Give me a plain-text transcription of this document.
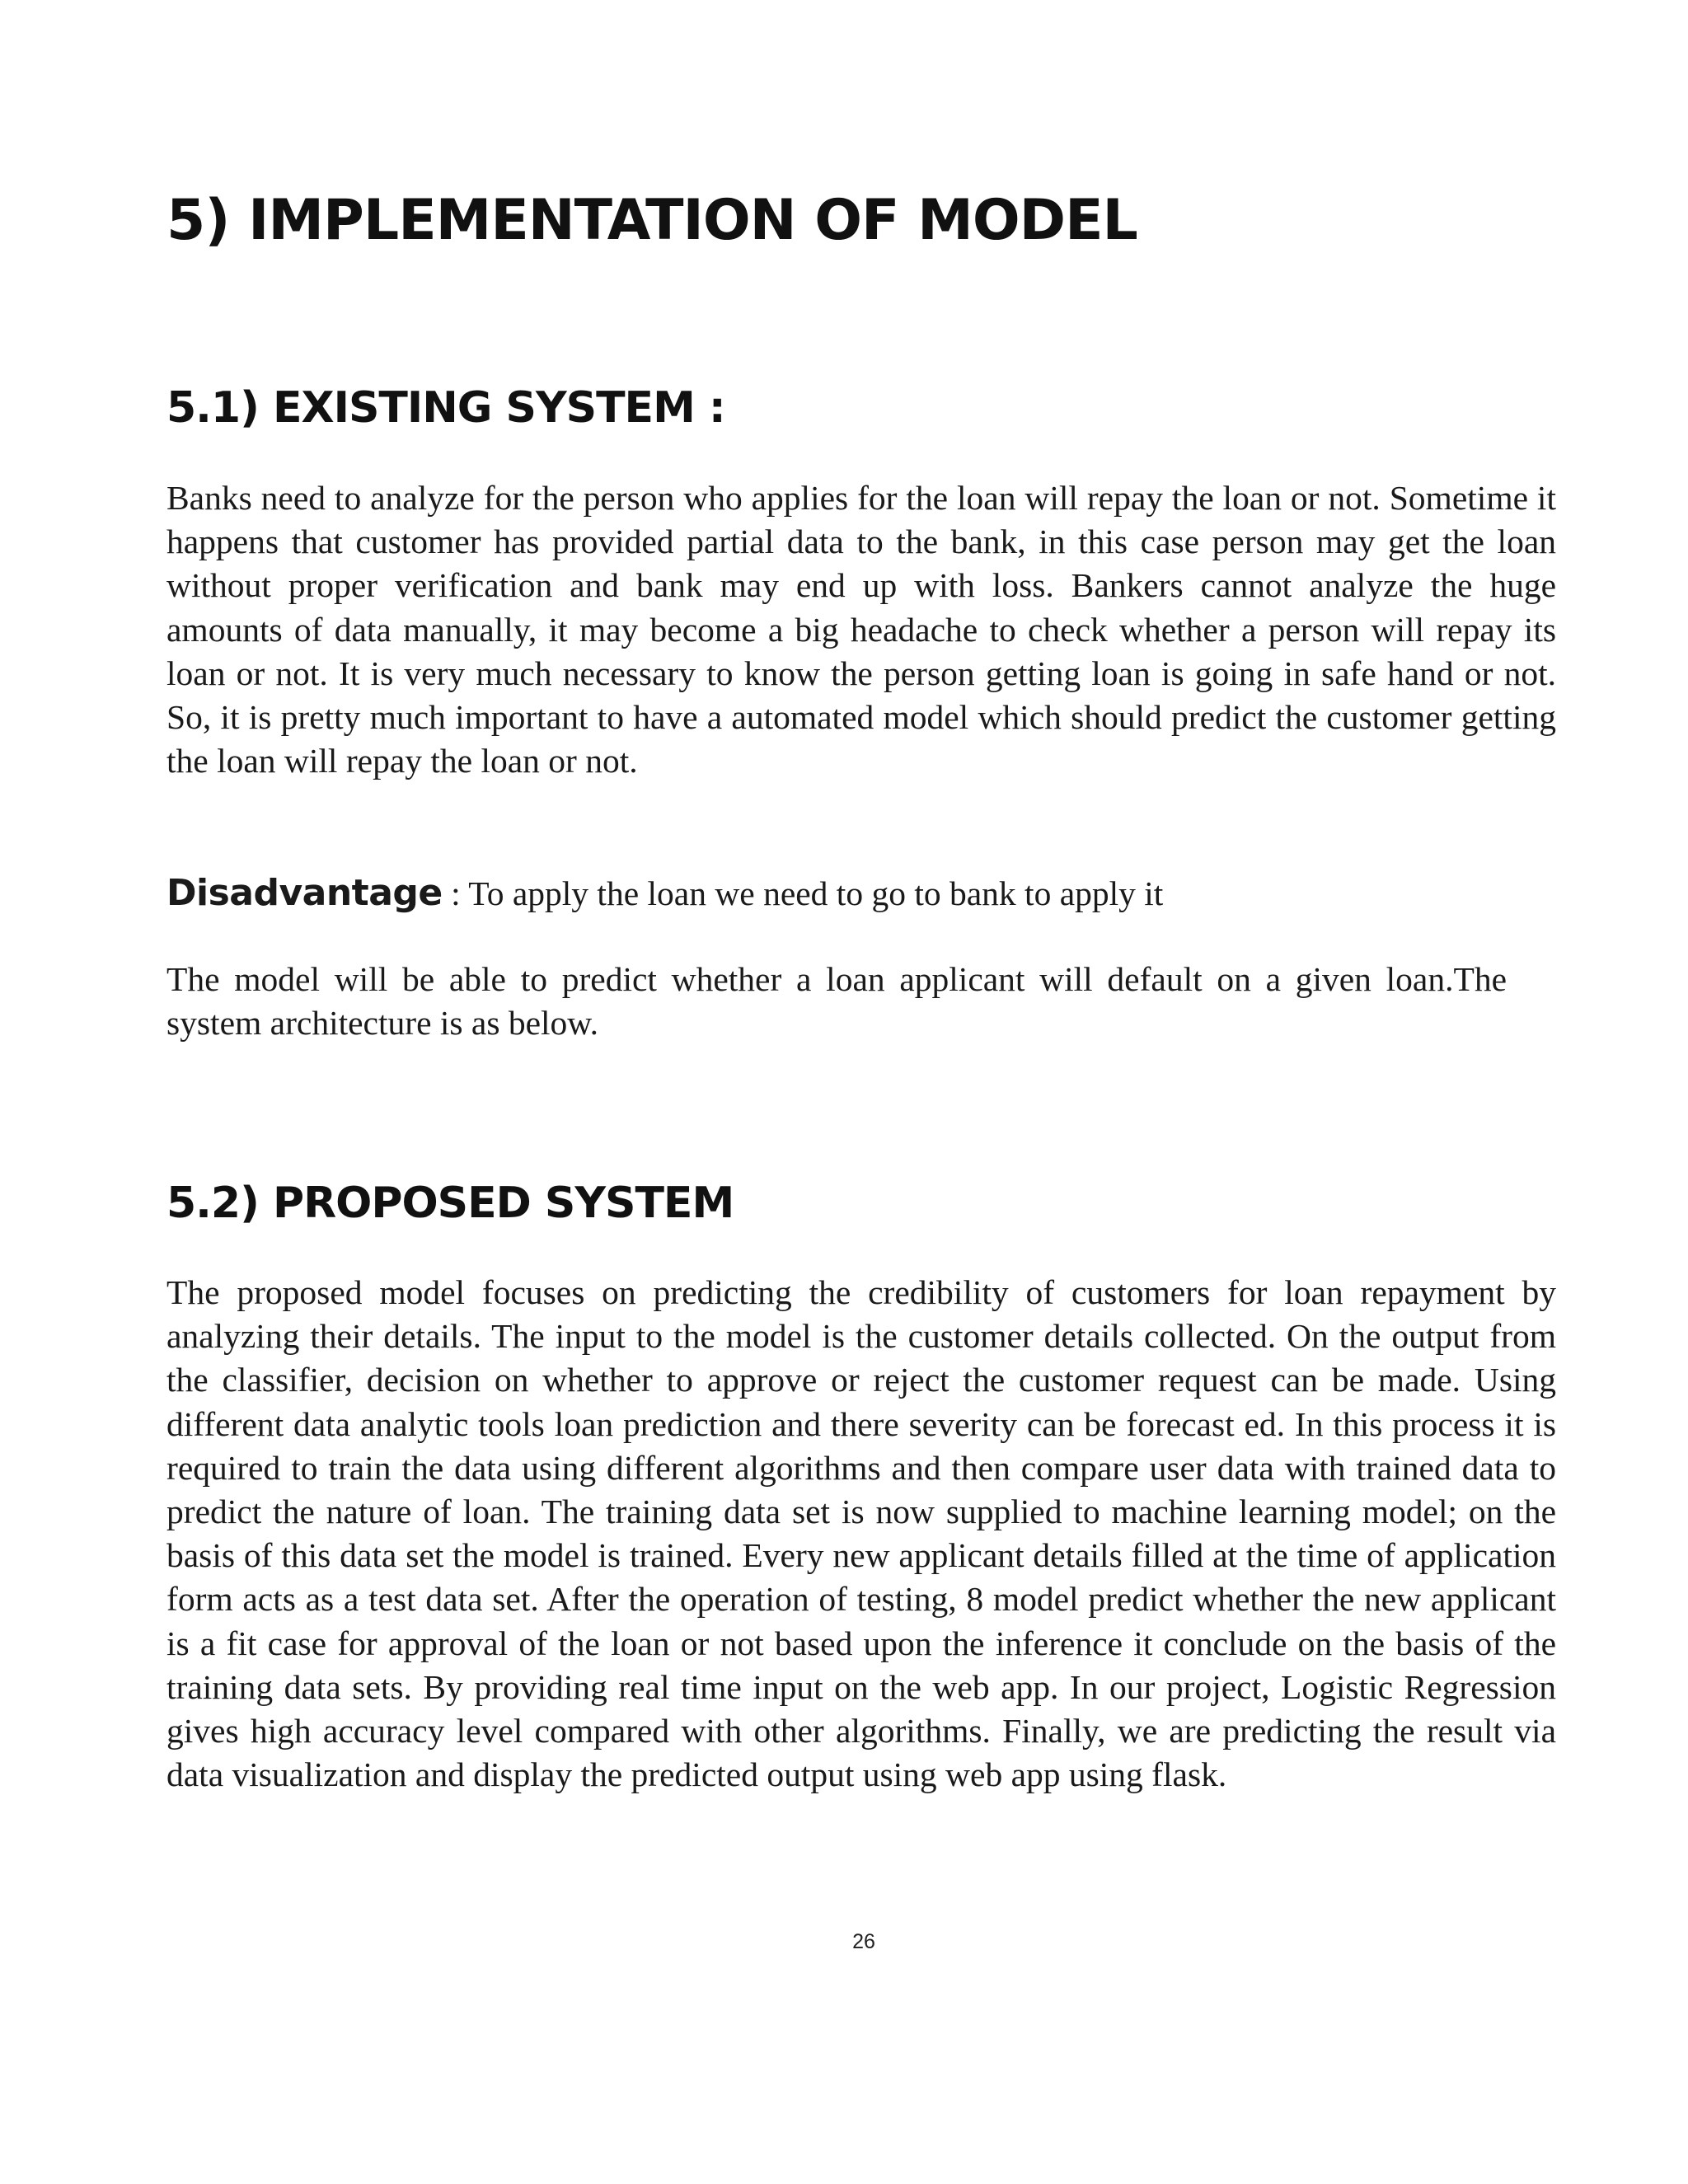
5) IMPLEMENTATION OF MODEL
5.1) EXISTING SYSTEM :

Banks need to analyze for the person who applies for the loan will repay the loan or not. Sometime it happens that customer has provided partial data to the bank, in this case person may get the loan without proper verification and bank may end up with loss. Bankers cannot analyze the huge amounts of data manually, it may become a big headache to check whether a person will repay its loan or not. It is very much necessary to know the person getting loan is going in safe hand or not. So, it is pretty much important to have a automated model which should predict the customer getting the loan will repay the loan or not.

Disadvantage : To apply the loan we need to go to bank to apply it

The model will be able to predict whether a loan applicant will default on a given loan.The system architecture is as below.

5.2) PROPOSED SYSTEM

The proposed model focuses on predicting the credibility of customers for loan repayment by analyzing their details. The input to the model is the customer details collected. On the output from the classifier, decision on whether to approve or reject the customer request can be made. Using different data analytic tools loan prediction and there severity can be forecast ed. In this process it is required to train the data using different algorithms and then compare user data with trained data to predict the nature of loan. The training data set is now supplied to machine learning model; on the basis of this data set the model is trained. Every new applicant details filled at the time of application form acts as a test data set. After the operation of testing, 8 model predict whether the new applicant is a fit case for approval of the loan or not based upon the inference it conclude on the basis of the training data sets. By providing real time input on the web app. In our project, Logistic Regression gives high accuracy level compared with other algorithms. Finally, we are predicting the result via data visualization and display the predicted output using web app using flask.

26
